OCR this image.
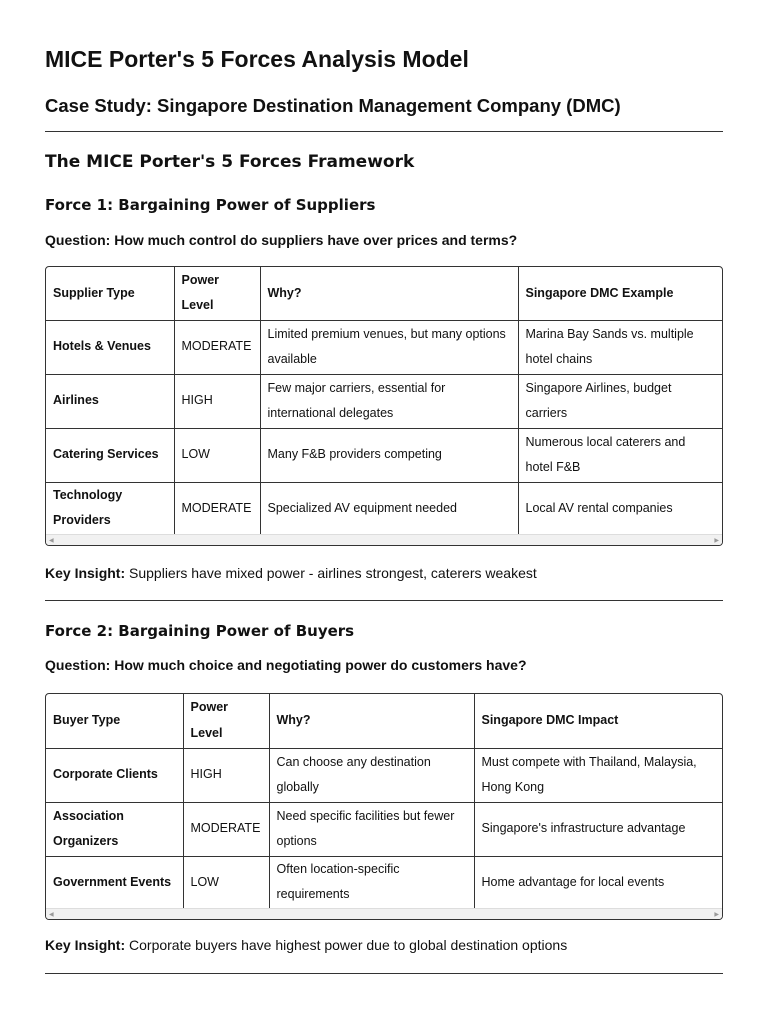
MICE Porter's 5 Forces Analysis Model
Case Study: Singapore Destination Management Company (DMC)
The MICE Porter's 5 Forces Framework
Force 1: Bargaining Power of Suppliers

Question: How much control do suppliers have over prices and terms?

Supplier Type	Power Level	Why?	Singapore DMC Example
Hotels & Venues	MODERATE	Limited premium venues, but many options available	Marina Bay Sands vs. multiple hotel chains
Airlines	HIGH	Few major carriers, essential for international delegates	Singapore Airlines, budget carriers
Catering Services	LOW	Many F&B providers competing	Numerous local caterers and hotel F&B
Technology Providers	MODERATE	Specialized AV equipment needed	Local AV rental companies
◀	▶

Key Insight: Suppliers have mixed power - airlines strongest, caterers weakest

Force 2: Bargaining Power of Buyers

Question: How much choice and negotiating power do customers have?

Buyer Type	Power Level	Why?	Singapore DMC Impact
Corporate Clients	HIGH	Can choose any destination globally	Must compete with Thailand, Malaysia, Hong Kong
Association Organizers	MODERATE	Need specific facilities but fewer options	Singapore's infrastructure advantage
Government Events	LOW	Often location-specific requirements	Home advantage for local events
◀	▶

Key Insight: Corporate buyers have highest power due to global destination options
